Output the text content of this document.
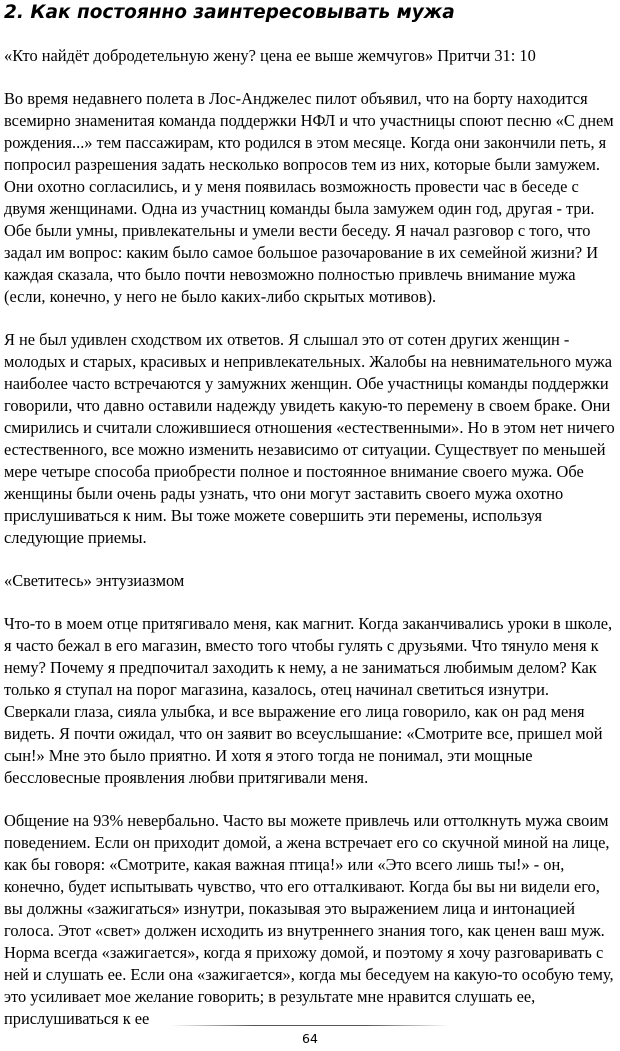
2. Как постоянно заинтересовывать мужа

«Кто найдёт добродетельную жену? цена ее выше жемчугов» Притчи 31: 10

Во время недавнего полета в Лос-Анджелес пилот объявил, что на борту находится всемирно знаменитая команда поддержки НФЛ и что участницы споют песню «С днем рождения...» тем пассажирам, кто родился в этом месяце. Когда они закончили петь, я попросил разрешения задать несколько вопросов тем из них, которые были замужем. Они охотно согласились, и у меня появилась возможность провести час в беседе с двумя женщинами. Одна из участниц команды была замужем один год, другая - три. Обе были умны, привлекательны и умели вести беседу. Я начал разговор с того, что задал им вопрос: каким было самое большое разочарование в их семейной жизни? И каждая сказала, что было почти невозможно полностью привлечь внимание мужа (если, конечно, у него не было каких-либо скрытых мотивов).

Я не был удивлен сходством их ответов. Я слышал это от сотен других женщин - молодых и старых, красивых и непривлекательных. Жалобы на невнимательного мужа наиболее часто встречаются у замужних женщин. Обе участницы команды поддержки говорили, что давно оставили надежду увидеть какую-то перемену в своем браке. Они смирились и считали сложившиеся отношения «естественными». Но в этом нет ничего естественного, все можно изменить независимо от ситуации. Существует по меньшей мере четыре способа приобрести полное и постоянное внимание своего мужа. Обе женщины были очень рады узнать, что они могут заставить своего мужа охотно прислушиваться к ним. Вы тоже можете совершить эти перемены, используя следующие приемы.

«Светитесь» энтузиазмом

Что-то в моем отце притягивало меня, как магнит. Когда заканчивались уроки в школе, я часто бежал в его магазин, вместо того чтобы гулять с друзьями. Что тянуло меня к нему? Почему я предпочитал заходить к нему, а не заниматься любимым делом? Как только я ступал на порог магазина, казалось, отец начинал светиться изнутри. Сверкали глаза, сияла улыбка, и все выражение его лица говорило, как он рад меня видеть. Я почти ожидал, что он заявит во всеуслышание: «Смотрите все, пришел мой сын!» Мне это было приятно. И хотя я этого тогда не понимал, эти мощные бессловесные проявления любви притягивали меня.

Общение на 93% невербально. Часто вы можете привлечь или оттолкнуть мужа своим поведением. Если он приходит домой, а жена встречает его со скучной миной на лице, как бы говоря: «Смотрите, какая важная птица!» или «Это всего лишь ты!» - он, конечно, будет испытывать чувство, что его отталкивают. Когда бы вы ни видели его, вы должны «зажигаться» изнутри, показывая это выражением лица и интонацией голоса. Этот «свет» должен исходить из внутреннего знания того, как ценен ваш муж. Норма всегда «зажигается», когда я прихожу домой, и поэтому я хочу разговаривать с ней и слушать ее. Если она «зажигается», когда мы беседуем на какую-то особую тему, это усиливает мое желание говорить; в результате мне нравится слушать ее, прислушиваться к ее

64
